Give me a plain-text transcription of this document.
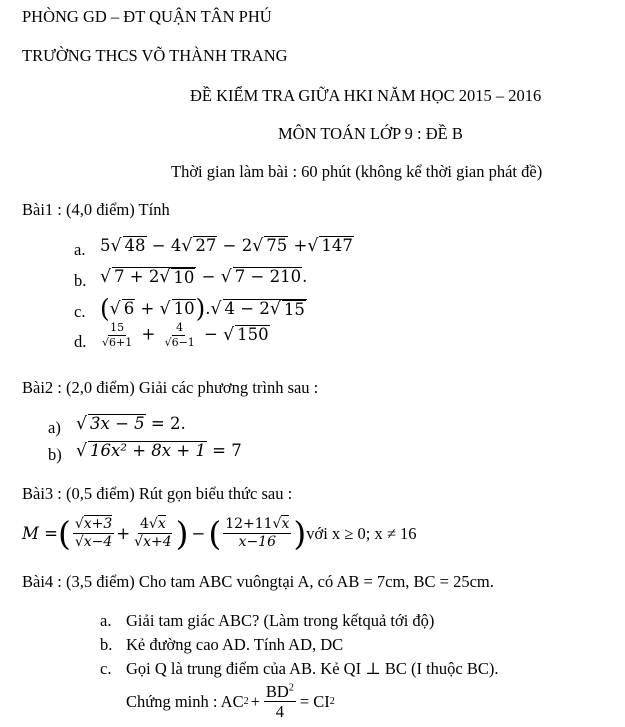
PHÒNG GD – ĐT QUẬN TÂN PHÚ
TRƯỜNG THCS VÕ THÀNH TRANG
ĐỀ KIỂM TRA GIỮA HKI NĂM HỌC 2015 – 2016
MÔN TOÁN LỚP 9 : ĐỀ B
Thời gian làm bài : 60 phút (không kể thời gian phát đề)
Bài1 : (4,0 điểm) Tính
a. 5 √ 48 − 4 √ 27 − 2 √ 75 + √ 147
b. √ 7 + 2 √ 10 − √ 7 − 210 .
c. ( √ 6 + √ 10 ). √ 4 − 2 √ 15
d. $\frac{15}{√6+1} + \frac{4}{√6-1}$ − √ 150
Bài2 : (2,0 điểm) Giải các phương trình sau :
a) √ 3x − 5 = 2.
b) √ 16x² + 8x + 1 = 7
Bài3 : (0,5 điểm) Rút gọn biểu thức sau :
M = ( $\frac{√x+3}{√x-4} + \frac{4√x}{√x+4}$ ) − ( $\frac{12+11√x}{x-16}$ ) với x ≥ 0; x ≠ 16
Bài4 : (3,5 điểm) Cho tam ABC vuôngtại A, có AB = 7cm, BC = 25cm.
a. Giải tam giác ABC? (Làm trong kếtquả tới độ)
b. Kẻ đường cao AD. Tính AD, DC
c. Gọi Q là trung điểm của AB. Kẻ QI ⊥ BC (I thuộc BC).
Chứng minh : AC $2 + \frac{BD^2}{4}$ = CI 2
